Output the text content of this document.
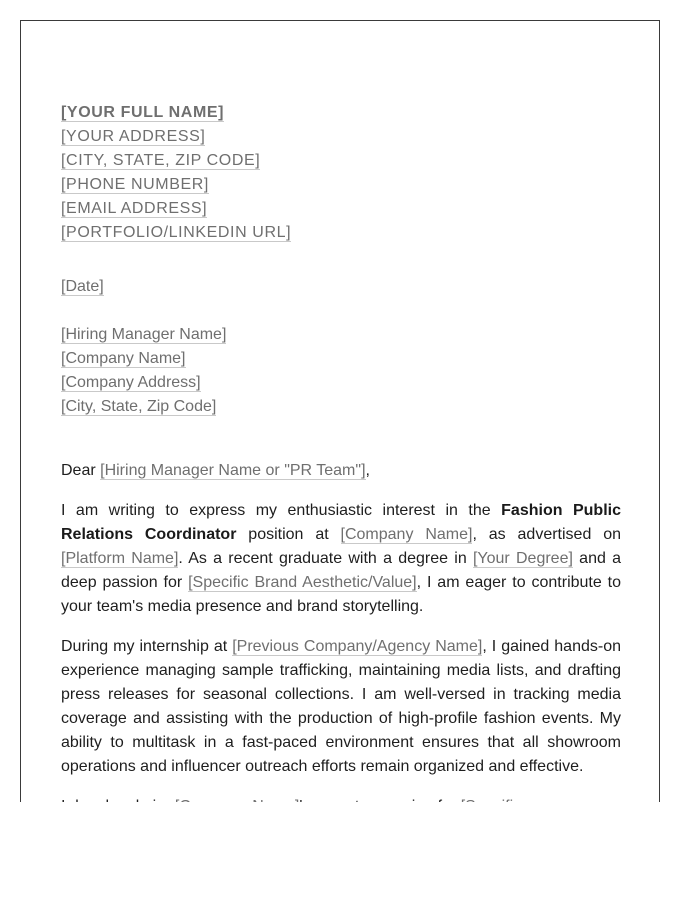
[YOUR FULL NAME]
[YOUR ADDRESS]
[CITY, STATE, ZIP CODE]
[PHONE NUMBER]
[EMAIL ADDRESS]
[PORTFOLIO/LINKEDIN URL]
[Date]
[Hiring Manager Name]
[Company Name]
[Company Address]
[City, State, Zip Code]
Dear [Hiring Manager Name or "PR Team"],

I am writing to express my enthusiastic interest in the Fashion Public Relations Coordinator position at [Company Name], as advertised on [Platform Name]. As a recent graduate with a degree in [Your Degree] and a deep passion for [Specific Brand Aesthetic/Value], I am eager to contribute to your team's media presence and brand storytelling.

During my internship at [Previous Company/Agency Name], I gained hands-on experience managing sample trafficking, maintaining media lists, and drafting press releases for seasonal collections. I am well-versed in tracking media coverage and assisting with the production of high-profile fashion events. My ability to multitask in a fast-paced environment ensures that all showroom operations and influencer outreach efforts remain organized and effective.
